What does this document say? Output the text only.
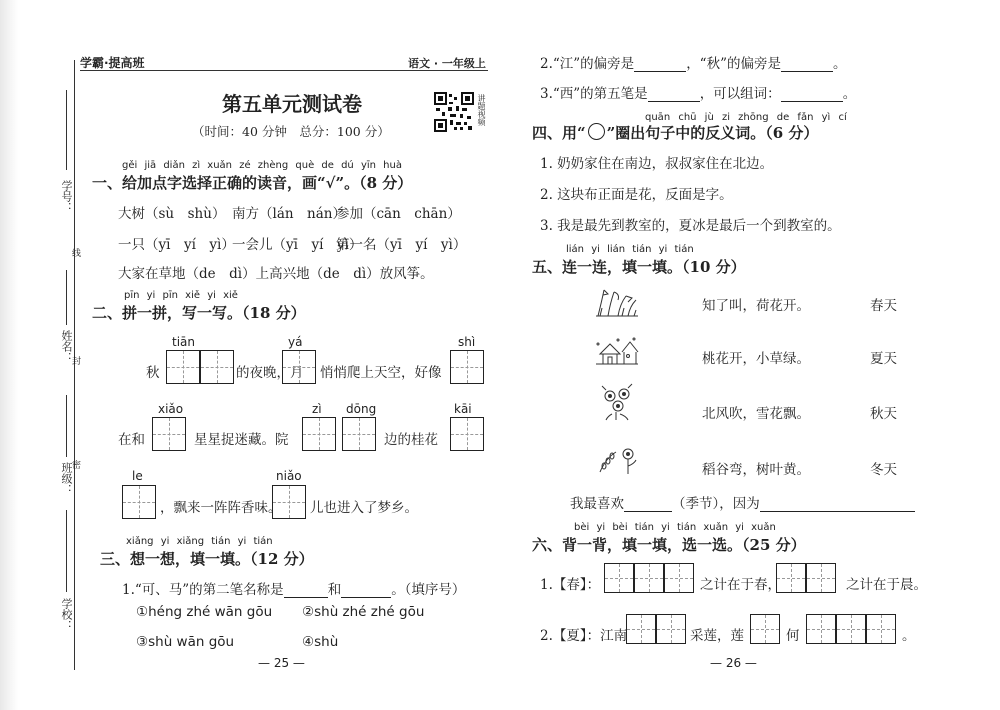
学霸·提高班	语文 · 一年级上
学号：
线
姓名：
封
班级：
密
学校：
第五单元测试卷
（时间：40 分钟　总分：100 分）
讲题视频
gěi jiā diǎn zì xuǎn zé zhèng què de dú yīn huà
一、给加点字选择正确的读音，画“√”。（8 分）
大树（sù　shù） 南方（lán　nán）
参加（cān　chān）
一只（yī　yí　yì）
一会儿（yī　yí　yì）
第一名（yī　yí　yì）
大家在草地（de　dì）上高兴地（de　dì）放风筝。
pīn yi pīn xiě yi xiě
二、拼一拼，写一写。（18 分）
tiān	yá	shì
秋	的夜晚，月 悄悄爬上天空，好像
xiǎo	zì dōng	kāi
在和	星星捉迷藏。院	边的桂花
le	niǎo
，飘来一阵阵香味。 儿也进入了梦乡。
xiǎng yi xiǎng tián yi tián
三、想一想，填一填。（12 分）
1.“可、马”的第二笔名称是	和	。（填序号）
①héng zhé wān gōu ②shù zhé zhé gōu
③shù wān gōu	④shù
— 25 —
2.“江”的偏旁是	，“秋”的偏旁是	。
3.“西”的第五笔是	，可以组词：	。
quān chū jù zi zhōng de fǎn yì cí
四、用“ ”圈出句子中的反义词。（6 分）
1. 奶奶家住在南边，叔叔家住在北边。
2. 这块布正面是花，反面是字。
3. 我是最先到教室的，夏冰是最后一个到教室的。
lián yi lián tián yi tián
五、连一连，填一填。（10 分）
知了叫，荷花开。	春天
桃花开，小草绿。	夏天
北风吹，雪花飘。	秋天
稻谷弯，树叶黄。	冬天
我最喜欢	（季节），因为
bèi yi bèi tián yi tián xuǎn yi xuǎn
六、背一背，填一填，选一选。（25 分）
1.【春】：	之计在于春，	之计在于晨。
2.【夏】：江南	采莲，莲	何	。
— 26 —
